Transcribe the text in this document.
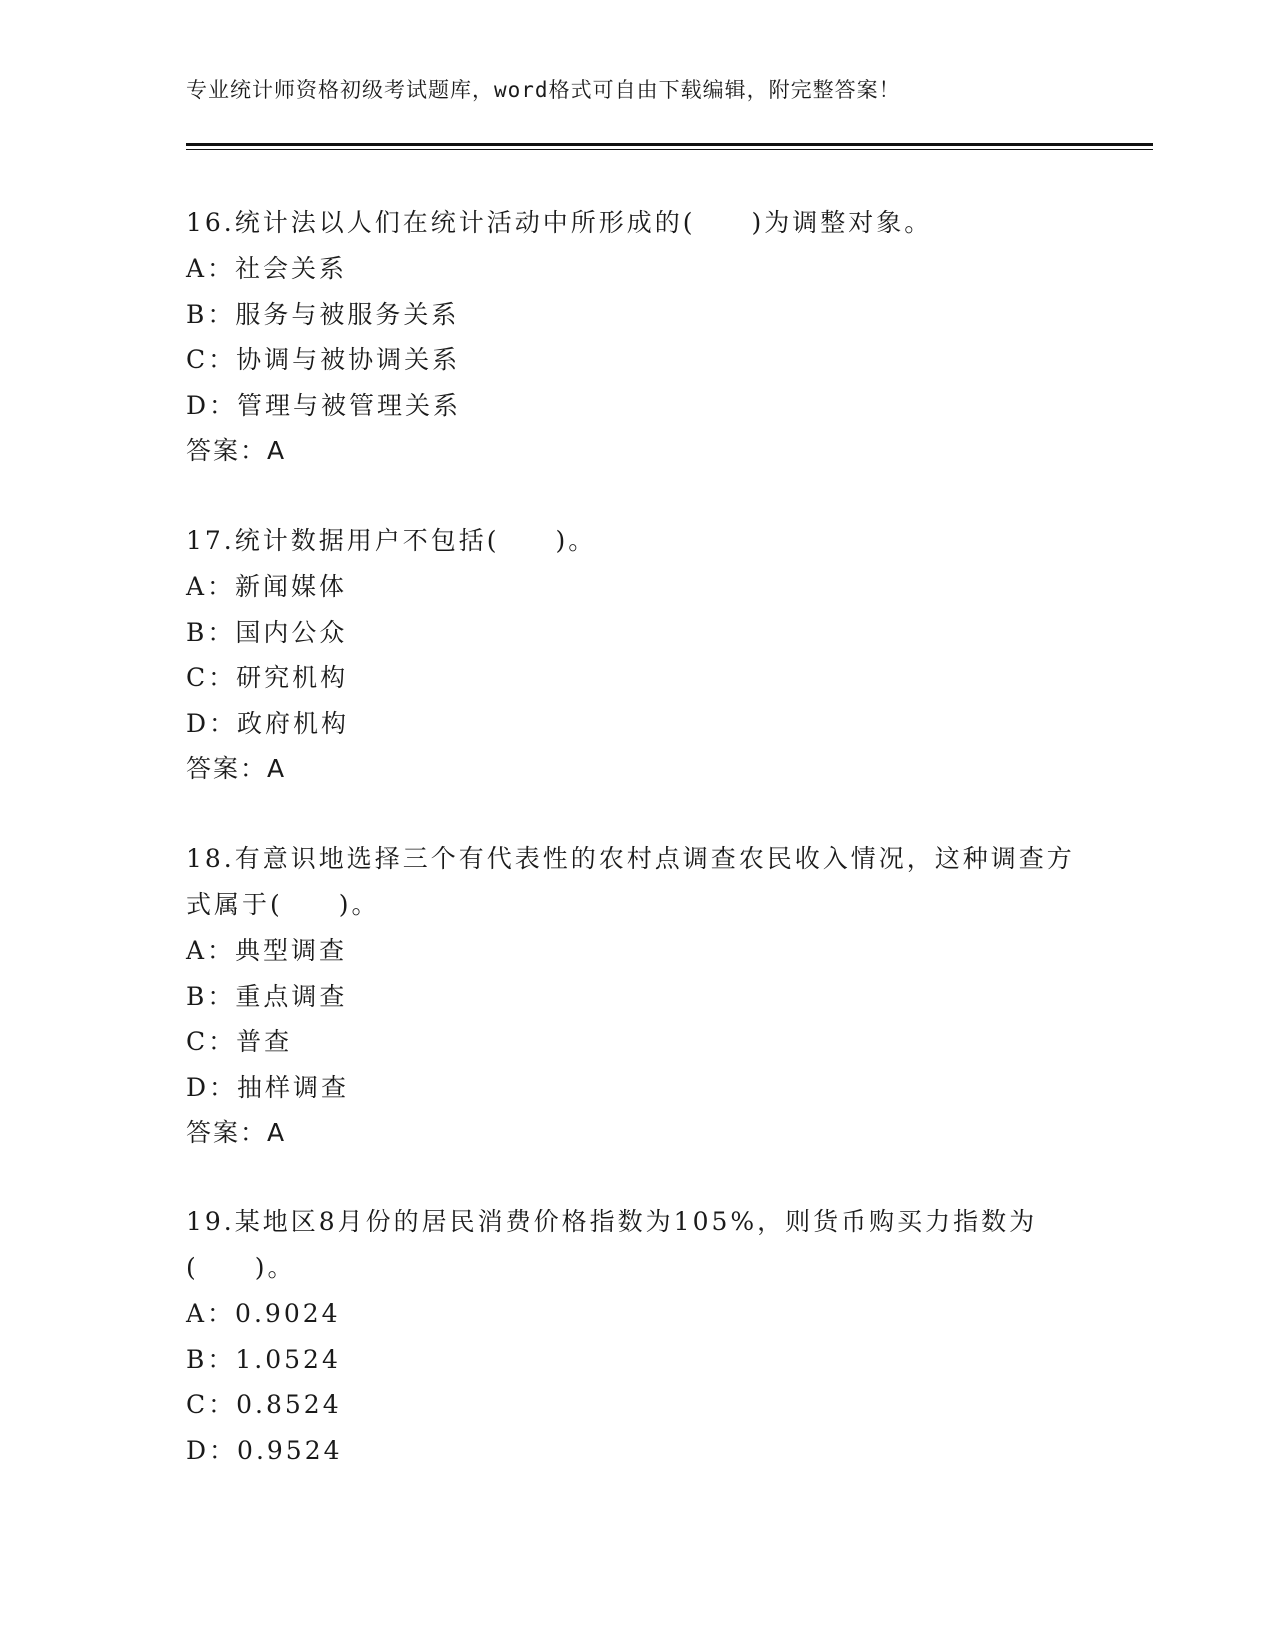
专业统计师资格初级考试题库，word格式可自由下载编辑，附完整答案！

16.统计法以人们在统计活动中所形成的(　　)为调整对象。

A：社会关系

B：服务与被服务关系

C：协调与被协调关系

D：管理与被管理关系

答案：A

17.统计数据用户不包括(　　)。

A：新闻媒体

B：国内公众

C：研究机构

D：政府机构

答案：A

18.有意识地选择三个有代表性的农村点调查农民收入情况，这种调查方式属于(　　)。

A：典型调查

B：重点调查

C：普查

D：抽样调查

答案：A

19.某地区8月份的居民消费价格指数为105%，则货币购买力指数为(　　)。

A：0.9024

B：1.0524

C：0.8524

D：0.9524
